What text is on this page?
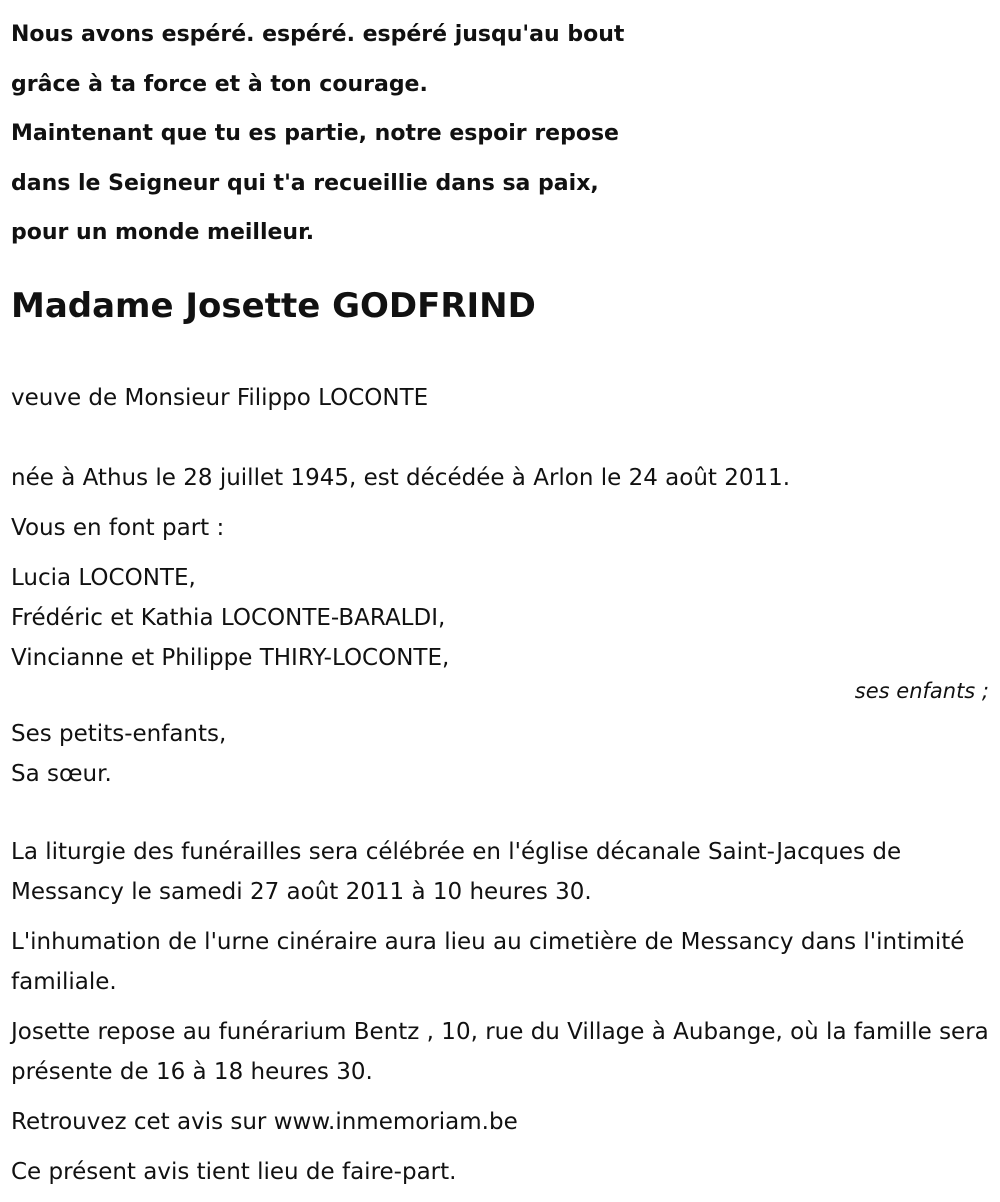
Nous avons espéré. espéré. espéré jusqu'au bout

grâce à ta force et à ton courage.

Maintenant que tu es partie, notre espoir repose

dans le Seigneur qui t'a recueillie dans sa paix,

pour un monde meilleur.

Madame Josette GODFRIND

veuve de Monsieur Filippo LOCONTE

née à Athus le 28 juillet 1945, est décédée à Arlon le 24 août 2011.

Vous en font part :

Lucia LOCONTE,

Frédéric et Kathia LOCONTE-BARALDI,

Vincianne et Philippe THIRY-LOCONTE,

ses enfants ;

Ses petits-enfants,

Sa sœur.

La liturgie des funérailles sera célébrée en l'église décanale Saint-Jacques de Messancy le samedi 27 août 2011 à 10 heures 30.

L'inhumation de l'urne cinéraire aura lieu au cimetière de Messancy dans l'intimité familiale.

Josette repose au funérarium Bentz , 10, rue du Village à Aubange, où la famille sera présente de 16 à 18 heures 30.

Retrouvez cet avis sur www.inmemoriam.be

Ce présent avis tient lieu de faire-part.
